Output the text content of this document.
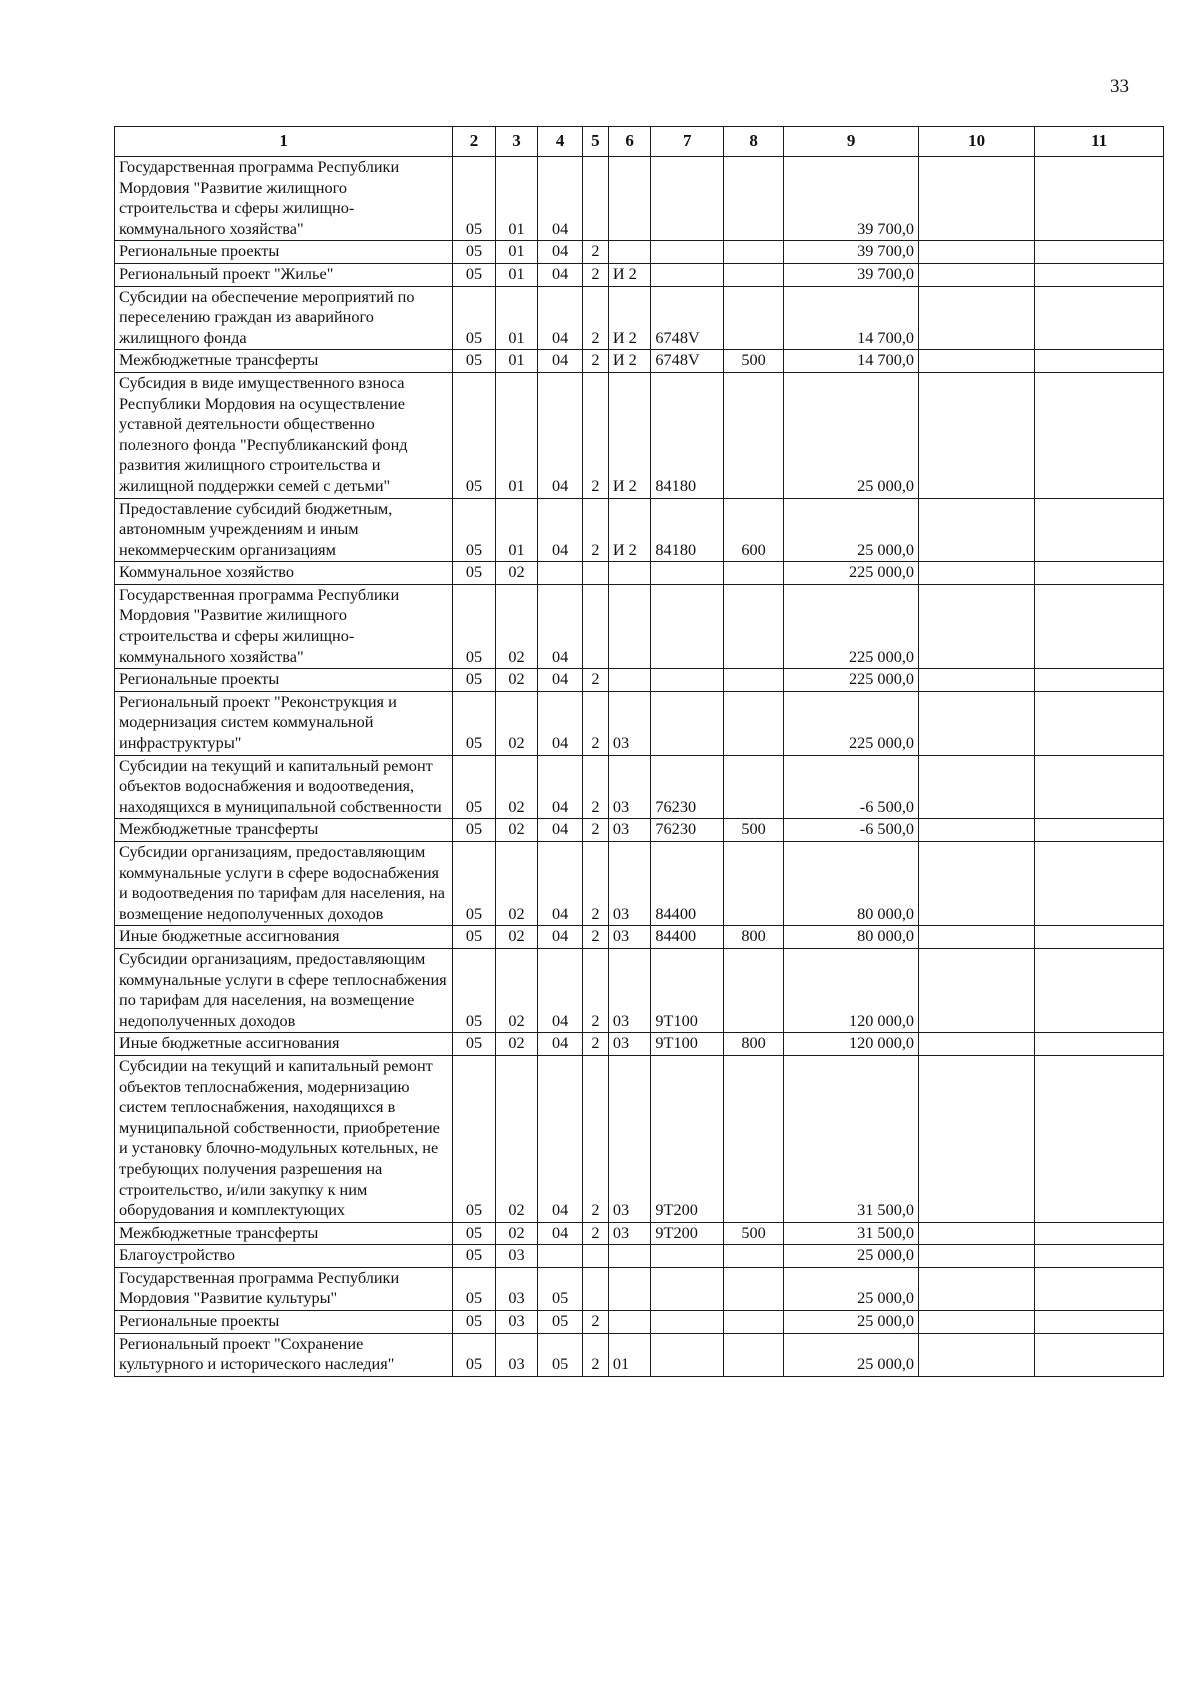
33
1	2	3	4	5	6	7	8	9	10	11
Государственная программа Республики Мордовия "Развитие жилищного строительства и сферы жилищно-коммунального хозяйства"	05	01	04					39 700,0		
Региональные проекты	05	01	04	2				39 700,0		
Региональный проект "Жилье"	05	01	04	2	И 2			39 700,0		
Субсидии на обеспечение мероприятий по переселению граждан из аварийного жилищного фонда	05	01	04	2	И 2	6748V		14 700,0		
Межбюджетные трансферты	05	01	04	2	И 2	6748V	500	14 700,0		
Субсидия в виде имущественного взноса Республики Мордовия на осуществление уставной деятельности общественно полезного фонда "Республиканский фонд развития жилищного строительства и жилищной поддержки семей с детьми"	05	01	04	2	И 2	84180		25 000,0		
Предоставление субсидий бюджетным, автономным учреждениям и иным некоммерческим организациям	05	01	04	2	И 2	84180	600	25 000,0		
Коммунальное хозяйство	05	02						225 000,0		
Государственная программа Республики Мордовия "Развитие жилищного строительства и сферы жилищно-коммунального хозяйства"	05	02	04					225 000,0		
Региональные проекты	05	02	04	2				225 000,0		
Региональный проект "Реконструкция и модернизация систем коммунальной инфраструктуры"	05	02	04	2	03			225 000,0		
Субсидии на текущий и капитальный ремонт объектов водоснабжения и водоотведения, находящихся в муниципальной собственности	05	02	04	2	03	76230		-6 500,0		
Межбюджетные трансферты	05	02	04	2	03	76230	500	-6 500,0		
Субсидии организациям, предоставляющим коммунальные услуги в сфере водоснабжения и водоотведения по тарифам для населения, на возмещение недополученных доходов	05	02	04	2	03	84400		80 000,0		
Иные бюджетные ассигнования	05	02	04	2	03	84400	800	80 000,0		
Субсидии организациям, предоставляющим коммунальные услуги в сфере теплоснабжения по тарифам для населения, на возмещение недополученных доходов	05	02	04	2	03	9Т100		120 000,0		
Иные бюджетные ассигнования	05	02	04	2	03	9Т100	800	120 000,0		
Субсидии на текущий и капитальный ремонт объектов теплоснабжения, модернизацию систем теплоснабжения, находящихся в муниципальной собственности, приобретение и установку блочно-модульных котельных, не требующих получения разрешения на строительство, и/или закупку к ним оборудования и комплектующих	05	02	04	2	03	9Т200		31 500,0		
Межбюджетные трансферты	05	02	04	2	03	9Т200	500	31 500,0		
Благоустройство	05	03						25 000,0		
Государственная программа Республики Мордовия "Развитие культуры"	05	03	05					25 000,0		
Региональные проекты	05	03	05	2				25 000,0		
Региональный проект "Сохранение культурного и исторического наследия"	05	03	05	2	01			25 000,0		
